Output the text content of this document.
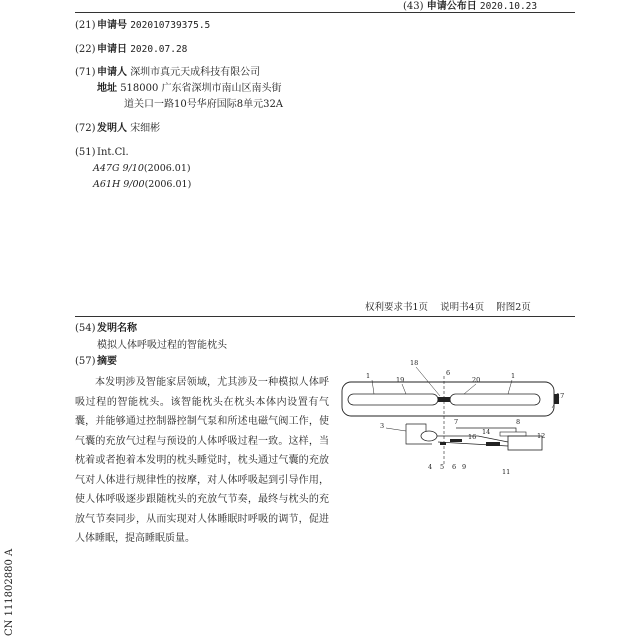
(43) 申请公布日 2020.10.23
(21)申请号 202010739375.5
(22)申请日 2020.07.28
(71)申请人 深圳市真元天成科技有限公司
地址 518000 广东省深圳市南山区南头街
道关口一路10号华府国际8单元32A
(72)发明人 宋细彬
(51)Int.Cl.
A47G 9/10(2006.01)
A61H 9/00(2006.01)
权利要求书1页    说明书4页    附图2页
(54)发明名称
模拟人体呼吸过程的智能枕头
(57)摘要

本发明涉及智能家居领域，尤其涉及一种模拟人体呼吸过程的智能枕头。该智能枕头在枕头本体内设置有气囊，并能够通过控制器控制气泵和所述电磁气阀工作，使气囊的充放气过程与预设的人体呼吸过程一致。这样，当枕着或者抱着本发明的枕头睡觉时，枕头通过气囊的充放气对人体进行规律性的按摩，对人体呼吸起到引导作用，使人体呼吸逐步跟随枕头的充放气节奏，最终与枕头的充放气节奏同步，从而实现对人体睡眠时呼吸的调节，促进人体睡眠，提高睡眠质量。

CN 111802880 A
1	1
18
19
6
20
17
3	7	8
14
16	12
4 5 6 9
11
